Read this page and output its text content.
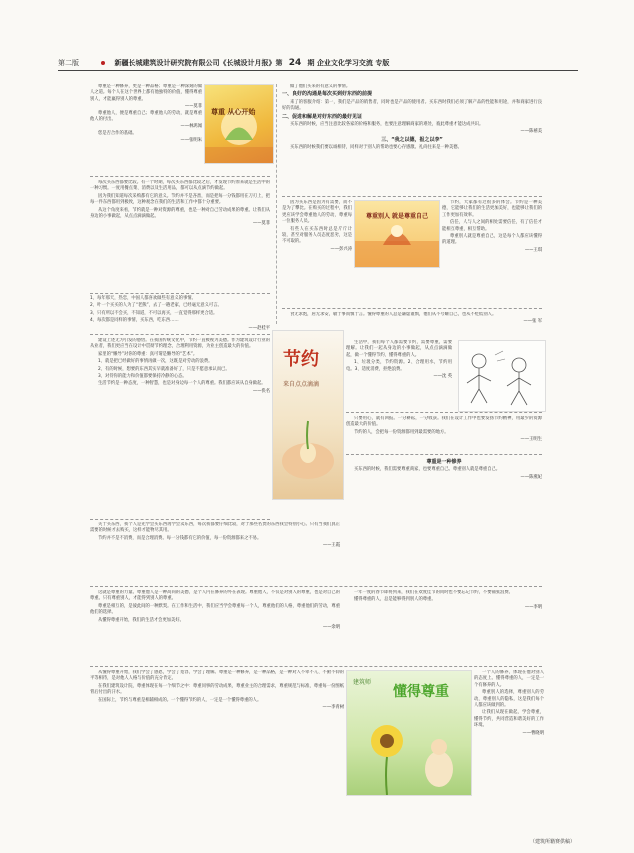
第二版	新疆长城建筑设计研究院有限公司《长城设计月报》第 24 期 企业文化学习交流 专版

尊重是一种修养，更是一种品格；尊重是一种深刻的做人之道。每个人在这个世界上都有他独特的价值，懂得尊重别人，才能赢得别人的尊重。

——莫菲

尊重他人，便是尊重自己；尊重他人的劳动，就是尊重他人的付出。

——林鸿闻

您是否合作的基础。

——张明朱
尊重 从心开始

每次买东西都要比较。有一个时期，每次买东西都比较之后，才发现节约原来就是生活中的一种习惯。一度用餐点菜、消费以及生活用品，都可以从点滴节约做起。

因为我们知道每次采购都有它的意义。节约并不是吝啬，而是把每一分钱都用在刀刃上，把每一件东西都用到极致，这种观念在我们的生活和工作中都十分重要。

从这个角度来看，节约就是一种对资源的尊重，也是一种对自己劳动成果的尊重。让我们从身边的小事做起，从点点滴滴做起。

——莫菲
1、每年那天，热恋，中国人都喜欢做些有意义的事情。
2、叶一个买买的人为了“老熊”，去了一趟老家，已经毫无意义可言。
3、只有所以不会买，不知道，不可以再买，一直觉得那样更合适。
4、每次都是同样的事情，买东西，吃东西……
——赵桂平

建设上述无为引发的感悟。在我国传统文化中，节约一直被视为美德。作为建筑设计行业的从业者，我们更应当在设计中贯彻节约理念，合理利用资源，为业主创造最大的价值。

家里的“懒导”对你的尊重：真可谓是懒导的“艺术”。

1、就是把已经做好的事情再做一次，这既是对劳动的浪费。

2、有的时候，想要的东西其实早就准备好了，只是不愿意承认而已。

3、对待你的能力和价值都要保持冷静的心态。

生活节约是一种态度，一种智慧，也是对身边每一个人的尊重。我们都应该从自身做起。

——佚名
节约
来自点点滴滴

关于买东西，我个人是先学会买东西再学会卖东西，每次我都要仔细比较，对于那些名贵的东西我会特别小心。只有当我们真正需要的时候才去购买，这样才能物尽其用。

节约并不是不消费，而是合理消费。每一分钱都有它的价值，每一份资源都来之不易。

——王霞

做了他们买来的有意义的事情。

一、良好的沟通是每次买到好东西的前提

来了的客服介绍：第一，我们是产品的销售者，同时也是产品的使用者。买东西时我们必须了解产品的性能和用途，并和商家进行良好的沟通。

二、促进和解是对好东西的最好见证

买东西的时候，应当注意比较各家的价格和服务，也要注意理解商家的难处，彼此尊重才能达成共识。

——陈禧美
三、“我之以德，报之以李”

买东西的时候我们要以诚相待，同样对于别人的帮助也要心存感激。礼尚往来是一种美德。

因为买东西是因为有需要，而不是为了攀比。在购买的过程中，我们更应该学会尊重他人的劳动，尊重每一位服务人员。

有些人在买东西时总是斤斤计较，甚至对服务人员态度恶劣，这是不可取的。

——彭兴涛
尊重别人 就是尊重自己

节约，大家都有过很多的体会。节约是一种美德，它能够让我们的生活更加美好，也能够让我们的工作更加有效率。

信任，人与人之间的相处需要信任，有了信任才能相互尊重，相互帮助。

尊重别人就是尊重自己，这是每个人都应该懂得的道理。

——王琪

食无求饱，居无求安，敏于事而慎于言。懂得尊重的人总是谦虚谨慎，他们从不夸耀自己，也从不贬低别人。

——张 军

生活中，我们每个人都需要节约，需要尊重，需要理解。让我们一起从身边的小事做起，从点点滴滴做起，做一个懂得节约、懂得尊重的人。

1、垃圾分类，节约资源。2、合理用水，节约用电。3、适度消费，拒绝浪费。

——沈 英

只要用心，就有回报。一分耕耘，一分收获。我们在设计工作中也要发扬节约精神，用最少的资源创造最大的价值。

节约的人，会把每一份资源都用到最需要的地方。

——王明生
尊重是一种修养

买东西的时候，我们需要尊重商家，也要尊重自己。尊重别人就是尊重自己。

——陈燕妃

这就是尊重的力量。尊重他人是一种高尚的美德，是个人内在修养的外在表现。尊重他人，不仅是对别人的尊重，也是对自己的尊重。只有尊重别人，才能得到别人的尊重。

尊重是相互的，是彼此间的一种默契。在工作和生活中，我们应当学会尊重每一个人，尊重他们的人格，尊重他们的劳动，尊重他们的选择。

从懂得尊重开始，我们的生活才会更加美好。

——余明

一年一度的春节即将到来，我们在欢度佳节的同时也不要忘记节约，不要铺张浪费。

懂得尊重的人，总是能够得到别人的尊重。

——李明

从懂得尊重开始，我们学会了感恩，学会了宽容，学会了理解。尊重是一种修养，是一种品格，是一种对人不卑不亢、不俯不仰的平等相待，是对他人人格与价值的充分肯定。

在我们建筑设计院，尊重体现在每一个细节之中：尊重同事的劳动成果，尊重业主的合理需求，尊重规范与标准，尊重每一份图纸背后付出的汗水。

在国际上，节约与尊重是相辅相成的。一个懂得节约的人，一定是一个懂得尊重的人。

——李青树
建筑师
懂得尊重

一个人的修养，体现在他对别人的态度上。懂得尊重的人，一定是一个有修养的人。

尊重别人的选择，尊重别人的劳动，尊重别人的隐私，这是我们每个人都应该做到的。

让我们从现在做起，学会尊重，懂得节约，共同营造和谐美好的工作环境。

——曹晓明
（建筑所籍赛供稿）
